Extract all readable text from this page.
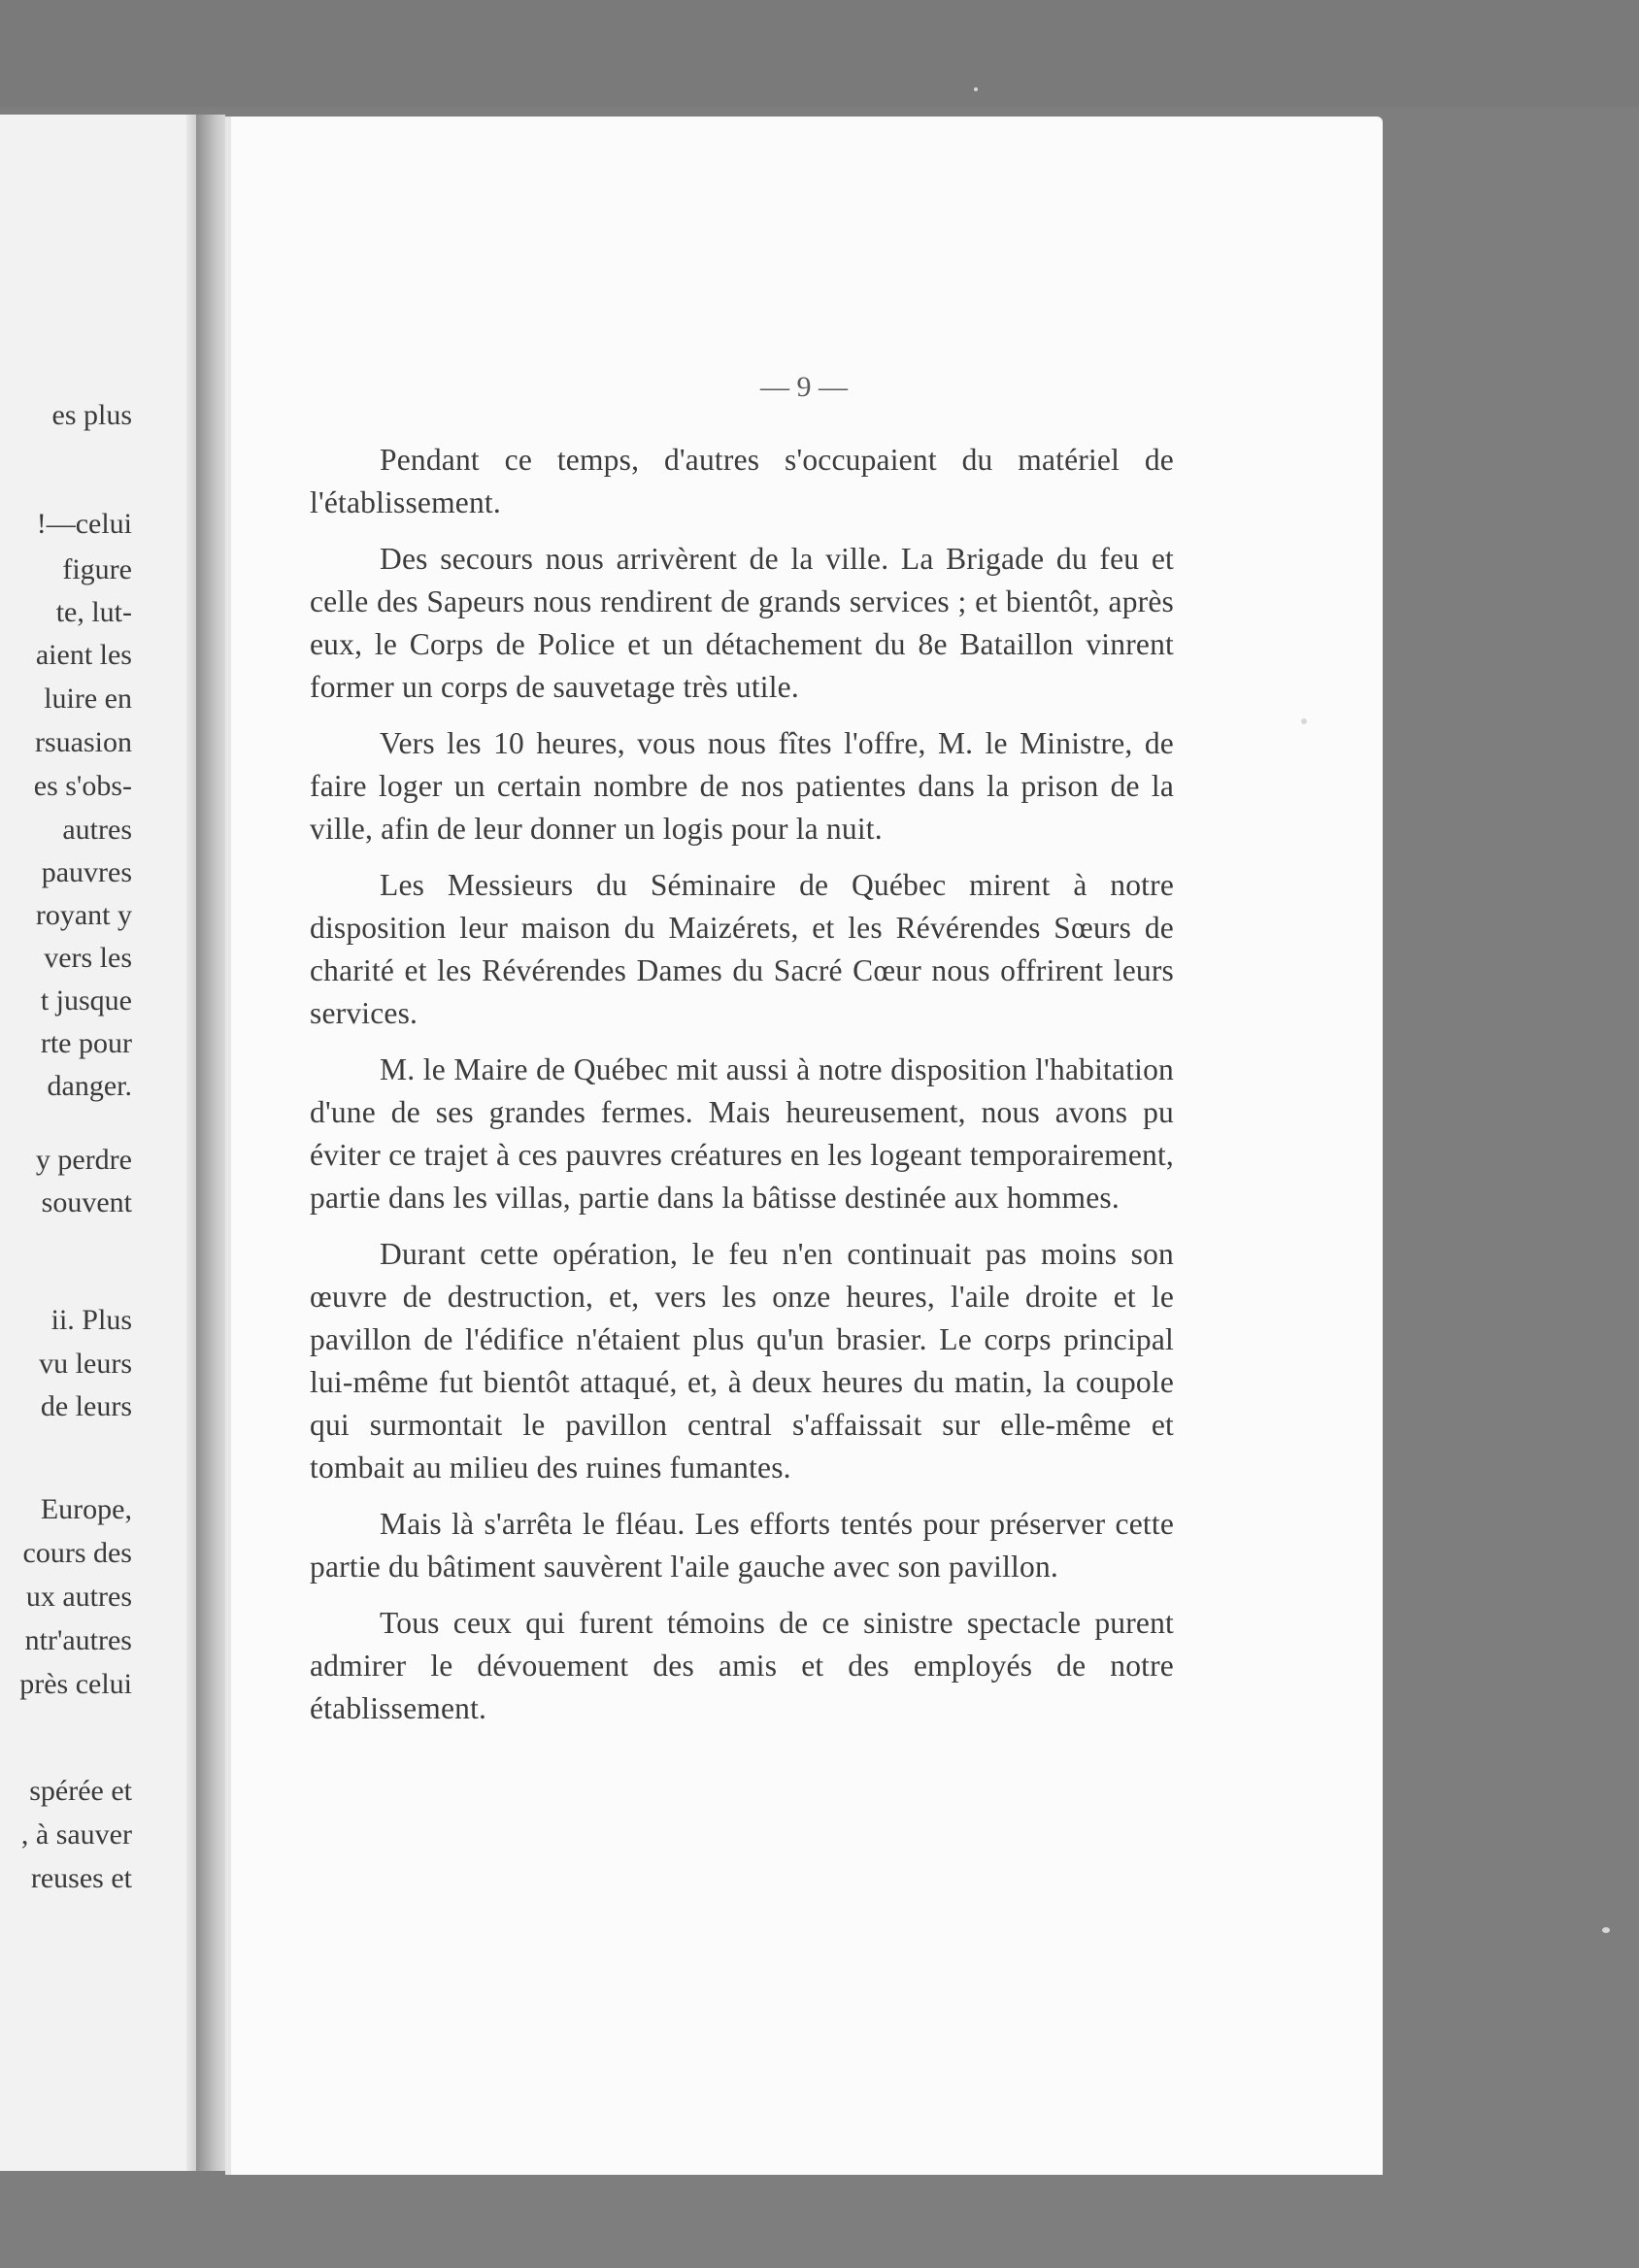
es plus
!—celui
figure
te, lut-
aient les
luire en
rsuasion
es s'obs-
autres
pauvres
royant y
vers les
t jusque
rte pour
danger.
y perdre
souvent
ii. Plus
vu leurs
de leurs
Europe,
cours des
ux autres
ntr'autres
près celui
spérée et
, à sauver
reuses et
— 9 —

Pendant ce temps, d'autres s'occupaient du matériel de l'établissement.

Des secours nous arrivèrent de la ville. La Brigade du feu et celle des Sapeurs nous rendirent de grands services ; et bientôt, après eux, le Corps de Police et un détachement du 8e Bataillon vinrent former un corps de sauvetage très utile.

Vers les 10 heures, vous nous fîtes l'offre, M. le Ministre, de faire loger un certain nombre de nos patientes dans la prison de la ville, afin de leur donner un logis pour la nuit.

Les Messieurs du Séminaire de Québec mirent à notre disposition leur maison du Maizérets, et les Révérendes Sœurs de charité et les Révérendes Dames du Sacré Cœur nous offrirent leurs services.

M. le Maire de Québec mit aussi à notre disposition l'habitation d'une de ses grandes fermes. Mais heureusement, nous avons pu éviter ce trajet à ces pauvres créatures en les logeant temporairement, partie dans les villas, partie dans la bâtisse destinée aux hommes.

Durant cette opération, le feu n'en continuait pas moins son œuvre de destruction, et, vers les onze heures, l'aile droite et le pavillon de l'édifice n'étaient plus qu'un brasier. Le corps principal lui-même fut bientôt attaqué, et, à deux heures du matin, la coupole qui surmontait le pavillon central s'affaissait sur elle-même et tombait au milieu des ruines fumantes.

Mais là s'arrêta le fléau. Les efforts tentés pour préserver cette partie du bâtiment sauvèrent l'aile gauche avec son pavillon.

Tous ceux qui furent témoins de ce sinistre spectacle purent admirer le dévouement des amis et des employés de notre établissement.
